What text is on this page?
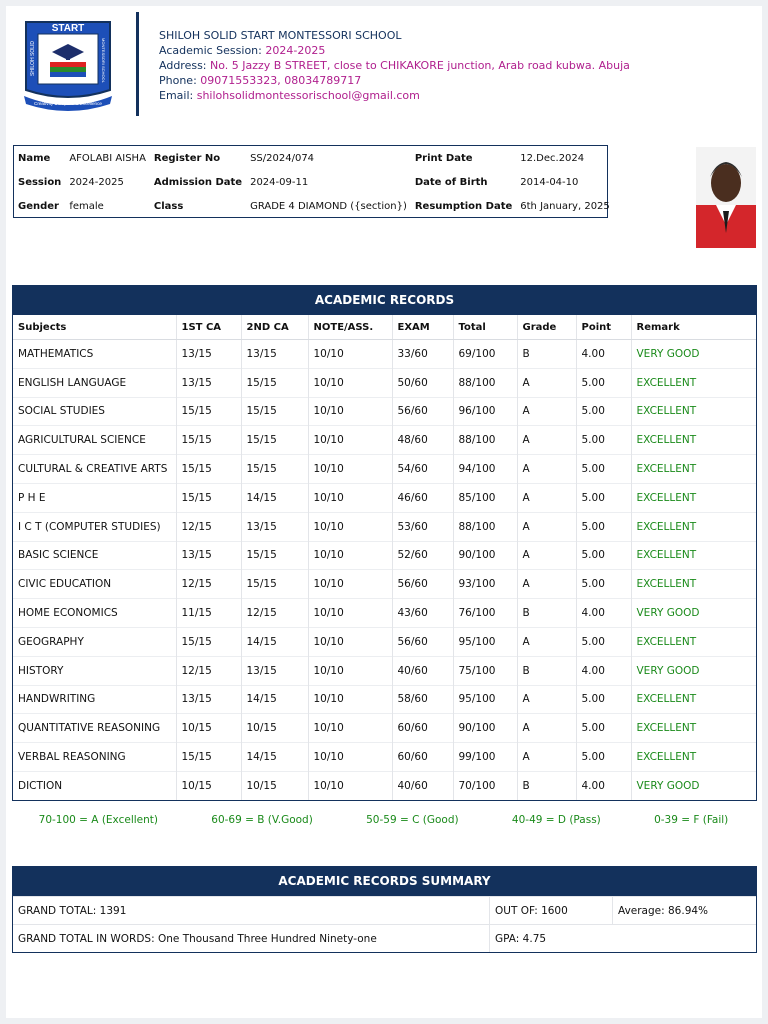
START
Creativity Discipline & Excellence
SHILOH SOLID	MONTESSORI SCHOOL
SHILOH SOLID START MONTESSORI SCHOOL
Academic Session: 2024-2025
Address: No. 5 Jazzy B STREET, close to CHIKAKORE junction, Arab road kubwa. Abuja
Phone: 09071553323, 08034789717
Email: shilohsolidmontessorischool@gmail.com
Name	AFOLABI AISHA	Register No	SS/2024/074	Print Date	12.Dec.2024
Session	2024-2025	Admission Date	2024-09-11	Date of Birth	2014-04-10
Gender	female	Class	GRADE 4 DIAMOND ({section})	Resumption Date	6th January, 2025
ACADEMIC RECORDS
Subjects	1ST CA	2ND CA	NOTE/ASS.	EXAM	Total	Grade	Point	Remark
MATHEMATICS	13/15	13/15	10/10	33/60	69/100	B	4.00	VERY GOOD
ENGLISH LANGUAGE	13/15	15/15	10/10	50/60	88/100	A	5.00	EXCELLENT
SOCIAL STUDIES	15/15	15/15	10/10	56/60	96/100	A	5.00	EXCELLENT
AGRICULTURAL SCIENCE	15/15	15/15	10/10	48/60	88/100	A	5.00	EXCELLENT
CULTURAL & CREATIVE ARTS	15/15	15/15	10/10	54/60	94/100	A	5.00	EXCELLENT
P H E	15/15	14/15	10/10	46/60	85/100	A	5.00	EXCELLENT
I C T (COMPUTER STUDIES)	12/15	13/15	10/10	53/60	88/100	A	5.00	EXCELLENT
BASIC SCIENCE	13/15	15/15	10/10	52/60	90/100	A	5.00	EXCELLENT
CIVIC EDUCATION	12/15	15/15	10/10	56/60	93/100	A	5.00	EXCELLENT
HOME ECONOMICS	11/15	12/15	10/10	43/60	76/100	B	4.00	VERY GOOD
GEOGRAPHY	15/15	14/15	10/10	56/60	95/100	A	5.00	EXCELLENT
HISTORY	12/15	13/15	10/10	40/60	75/100	B	4.00	VERY GOOD
HANDWRITING	13/15	14/15	10/10	58/60	95/100	A	5.00	EXCELLENT
QUANTITATIVE REASONING	10/15	10/15	10/10	60/60	90/100	A	5.00	EXCELLENT
VERBAL REASONING	15/15	14/15	10/10	60/60	99/100	A	5.00	EXCELLENT
DICTION	10/15	10/15	10/10	40/60	70/100	B	4.00	VERY GOOD
70-100 = A (Excellent)	60-69 = B (V.Good)	50-59 = C (Good)	40-49 = D (Pass)	0-39 = F (Fail)
ACADEMIC RECORDS SUMMARY
GRAND TOTAL: 1391	OUT OF: 1600	Average: 86.94%
GRAND TOTAL IN WORDS: One Thousand Three Hundred Ninety-one	GPA: 4.75	
